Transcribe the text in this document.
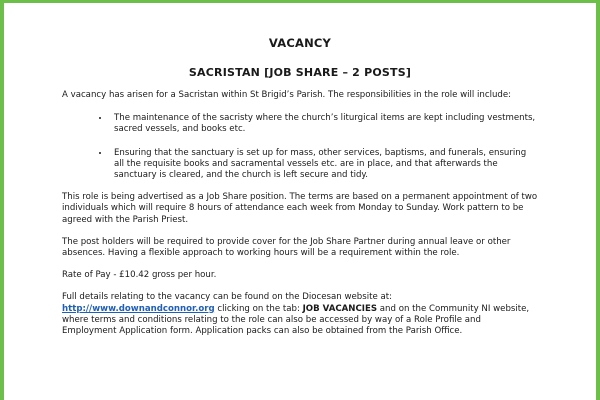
VACANCY
SACRISTAN [JOB SHARE – 2 POSTS]

A vacancy has arisen for a Sacristan within St Brigid’s Parish. The responsibilities in the role will include:

• The maintenance of the sacristy where the church’s liturgical items are kept including vestments, sacred vessels, and books etc.
• Ensuring that the sanctuary is set up for mass, other services, baptisms, and funerals, ensuring all the requisite books and sacramental vessels etc. are in place, and that afterwards the sanctuary is cleared, and the church is left secure and tidy.

This role is being advertised as a Job Share position. The terms are based on a permanent appointment of two individuals which will require 8 hours of attendance each week from Monday to Sunday. Work pattern to be agreed with the Parish Priest.

The post holders will be required to provide cover for the Job Share Partner during annual leave or other absences. Having a flexible approach to working hours will be a requirement within the role.

Rate of Pay - £10.42 gross per hour.

Full details relating to the vacancy can be found on the Diocesan website at:
http://www.downandconnor.org clicking on the tab: JOB VACANCIES and on the Community NI website, where terms and conditions relating to the role can also be accessed by way of a Role Profile and Employment Application form. Application packs can also be obtained from the Parish Office.
